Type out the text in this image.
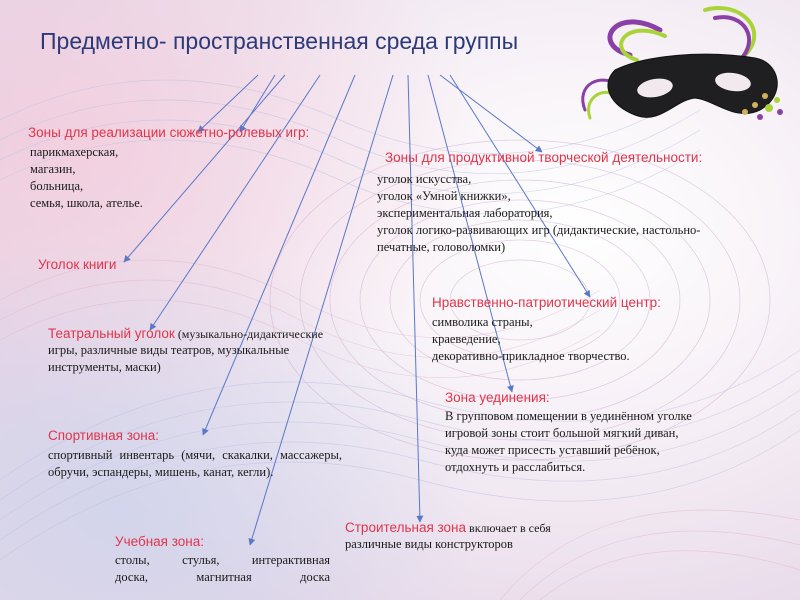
Предметно- пространственная среда группы
Зоны для реализации сюжетно-ролевых игр:
парикмахерская,
магазин,
больница,
семья, школа, ателье.
Зоны для продуктивной творческой деятельности:
уголок искусства,
уголок «Умной книжки»,
экспериментальная лаборатория,
уголок логико-развивающих игр (дидактические, настольно-
печатные, головоломки)
Уголок книги
Нравственно-патриотический центр:
символика страны,
краеведение,
декоративно-прикладное творчество.
Театральный уголок (музыкально-дидактические
игры, различные виды театров, музыкальные
инструменты, маски)
Зона уединения:
В групповом помещении в уединённом уголке
игровой зоны стоит большой мягкий диван,
куда может присесть уставший ребёнок,
отдохнуть и расслабиться.
Спортивная зона:
спортивный инвентарь (мячи, скакалки, массажеры,
обручи, эспандеры, мишень, канат, кегли).
Строительная зона включает в себя
различные виды конструкторов
Учебная зона:
столы, стулья, интерактивная
доска, магнитная доска
